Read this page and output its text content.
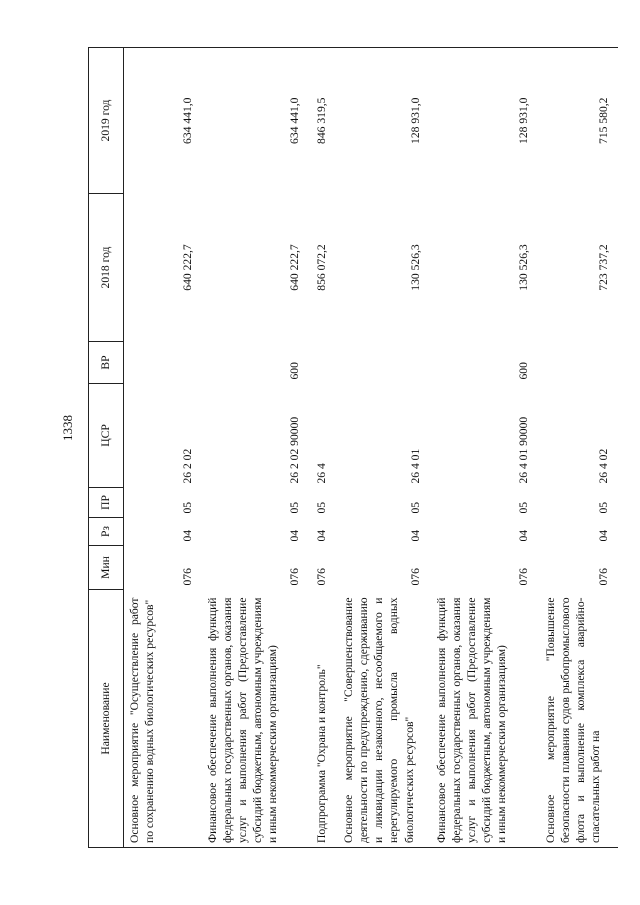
1338
Наименование	Мин	Рз	ПР	ЦСР	ВР	2018 год	2019 год
Основное мероприятие "Осуществление работ по сохранению водных биологических ресурсов"	076	04	05	26 2 02		640 222,7	634 441,0
Финансовое обеспечение выполнения функций федеральных государственных органов, оказания услуг и выполнения работ (Предоставление субсидий бюджетным, автономным учреждениям и иным некоммерческим организациям)	076	04	05	26 2 02 90000	600	640 222,7	634 441,0
Подпрограмма "Охрана и контроль"	076	04	05	26 4		856 072,2	846 319,5
Основное мероприятие "Совершенствование деятельности по предупреждению, сдерживанию и ликвидации незаконного, несообщаемого и нерегулируемого промысла водных биологических ресурсов"	076	04	05	26 4 01		130 526,3	128 931,0
Финансовое обеспечение выполнения функций федеральных государственных органов, оказания услуг и выполнения работ (Предоставление субсидий бюджетным, автономным учреждениям и иным некоммерческим организациям)	076	04	05	26 4 01 90000	600	130 526,3	128 931,0
Основное мероприятие "Повышение безопасности плавания судов рыбопромыслового флота и выполнение комплекса аварийно-спасательных работ на	076	04	05	26 4 02		723 737,2	715 580,2
